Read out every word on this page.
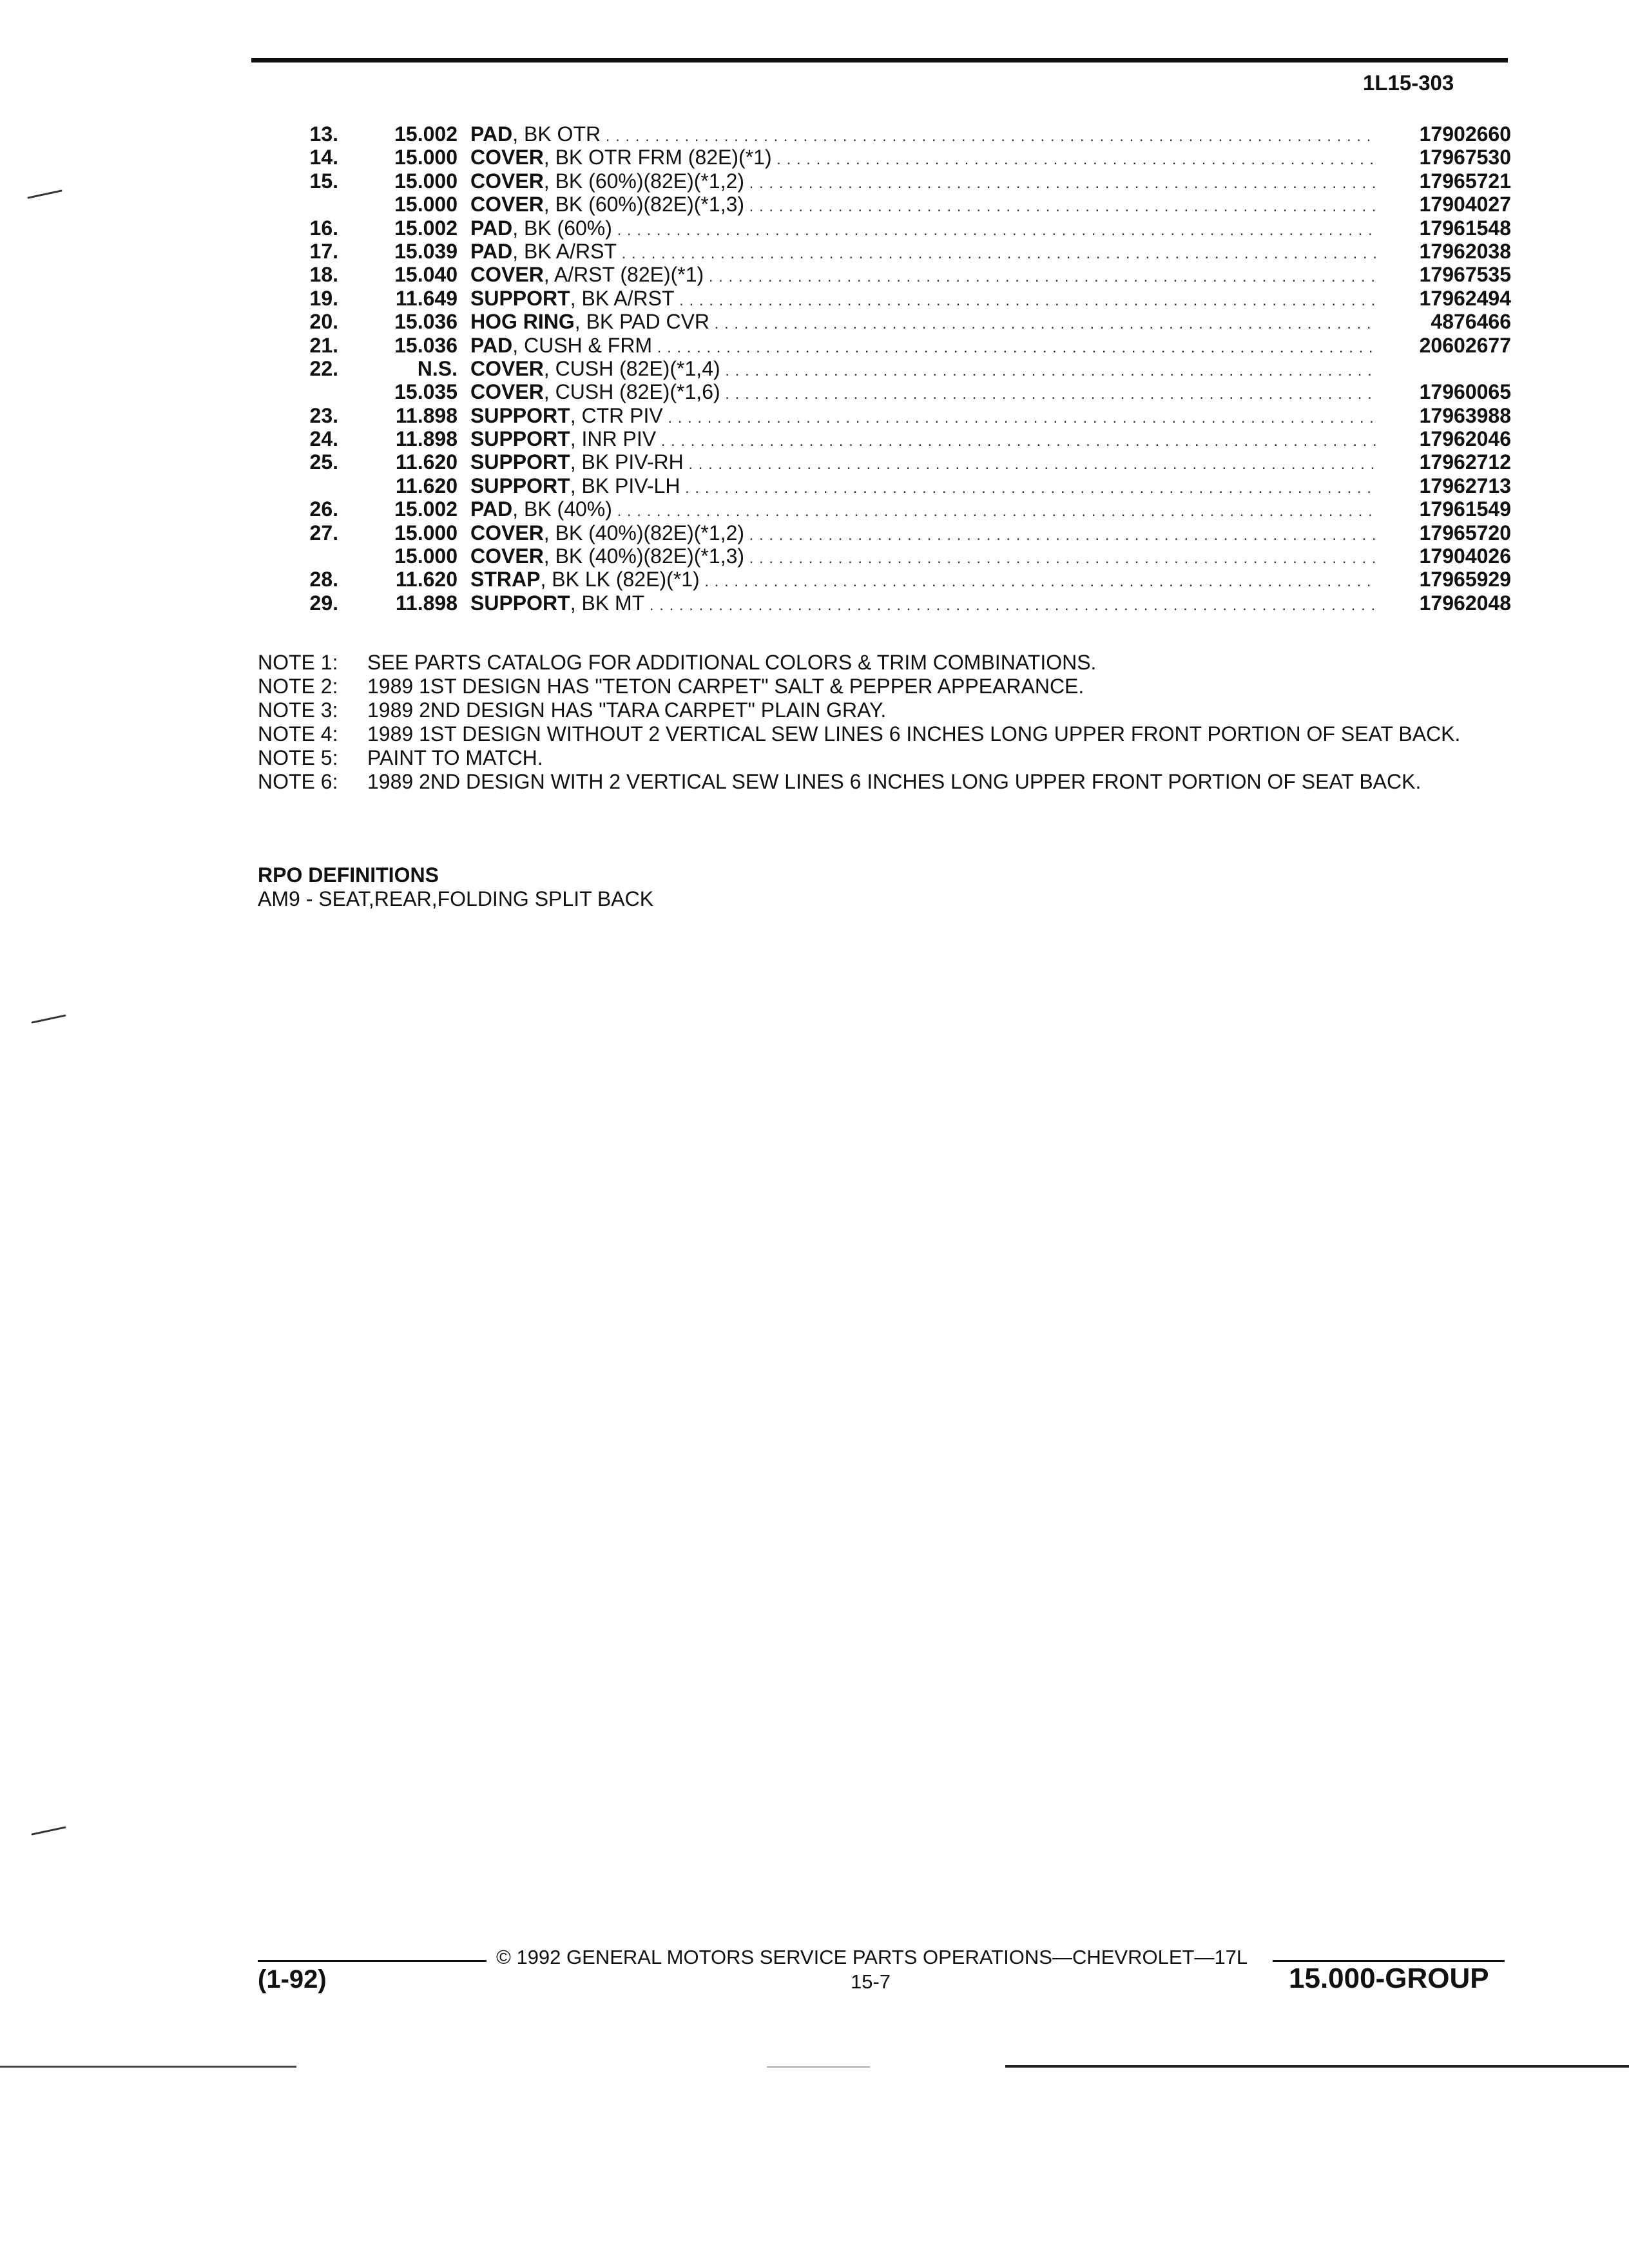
1L15-303
13.	15.002 PAD, BK OTR . . .	17902660
14.	15.000 COVER, BK OTR FRM (82E)(*1) . . .	17967530
15.	15.000 COVER, BK (60%)(82E)(*1,2) . . .	17965721
15.000 COVER, BK (60%)(82E)(*1,3) . . .	17904027
16.	15.002 PAD, BK (60%) . . .	17961548
17.	15.039 PAD, BK A/RST . . .	17962038
18.	15.040 COVER, A/RST (82E)(*1) . . .	17967535
19.	11.649 SUPPORT, BK A/RST . . .	17962494
20.	15.036 HOG RING, BK PAD CVR . . .	4876466
21.	15.036 PAD, CUSH & FRM . . .	20602677
22.	N.S. COVER, CUSH (82E)(*1,4) . . .
15.035 COVER, CUSH (82E)(*1,6) . . .	17960065
23.	11.898 SUPPORT, CTR PIV . . .	17963988
24.	11.898 SUPPORT, INR PIV . . .	17962046
25.	11.620 SUPPORT, BK PIV-RH . . .	17962712
11.620 SUPPORT, BK PIV-LH . . .	17962713
26.	15.002 PAD, BK (40%) . . .	17961549
27.	15.000 COVER, BK (40%)(82E)(*1,2) . . .	17965720
15.000 COVER, BK (40%)(82E)(*1,3) . . .	17904026
28.	11.620 STRAP, BK LK (82E)(*1) . . .	17965929
29.	11.898 SUPPORT, BK MT . . .	17962048
NOTE 1:	SEE PARTS CATALOG FOR ADDITIONAL COLORS & TRIM COMBINATIONS.
NOTE 2:	1989 1ST DESIGN HAS "TETON CARPET" SALT & PEPPER APPEARANCE.
NOTE 3:	1989 2ND DESIGN HAS "TARA CARPET" PLAIN GRAY.
NOTE 4:	1989 1ST DESIGN WITHOUT 2 VERTICAL SEW LINES 6 INCHES LONG UPPER FRONT PORTION OF SEAT BACK.
NOTE 5:	PAINT TO MATCH.
NOTE 6:	1989 2ND DESIGN WITH 2 VERTICAL SEW LINES 6 INCHES LONG UPPER FRONT PORTION OF SEAT BACK.
RPO DEFINITIONS
AM9 - SEAT,REAR,FOLDING SPLIT BACK
© 1992 GENERAL MOTORS SERVICE PARTS OPERATIONS—CHEVROLET—17L
(1-92)	15-7	15.000-GROUP
